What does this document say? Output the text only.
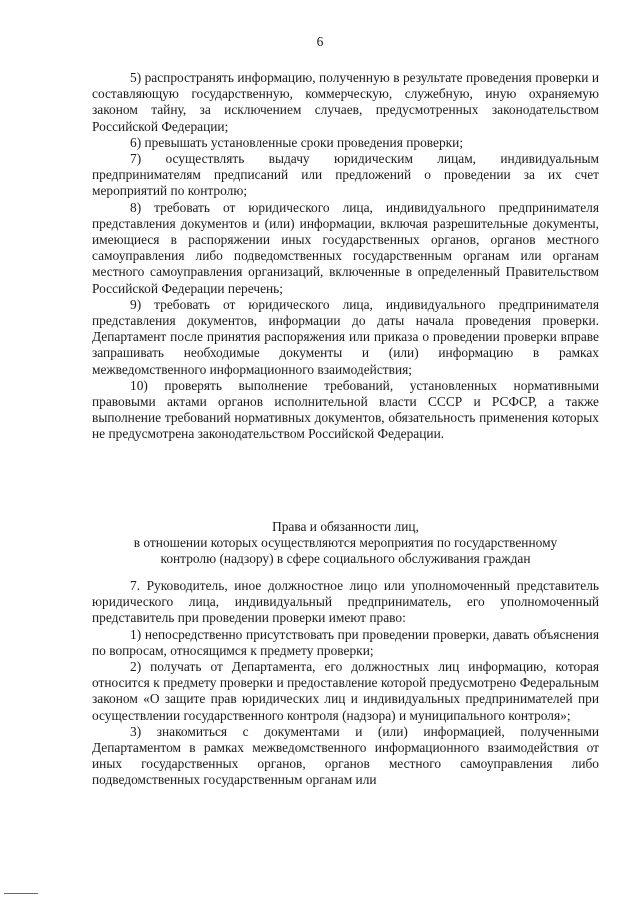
6

5) распространять информацию, полученную в результате проведения проверки и составляющую государственную, коммерческую, служебную, иную охраняемую законом тайну, за исключением случаев, предусмотренных законодательством Российской Федерации;

6) превышать установленные сроки проведения проверки;

7) осуществлять выдачу юридическим лицам, индивидуальным предпринимателям предписаний или предложений о проведении за их счет мероприятий по контролю;

8) требовать от юридического лица, индивидуального предпринимателя представления документов и (или) информации, включая разрешительные документы, имеющиеся в распоряжении иных государственных органов, органов местного самоуправления либо подведомственных государственным органам или органам местного самоуправления организаций, включенные в определенный Правительством Российской Федерации перечень;

9) требовать от юридического лица, индивидуального предпринимателя представления документов, информации до даты начала проведения проверки. Департамент после принятия распоряжения или приказа о проведении проверки вправе запрашивать необходимые документы и (или) информацию в рамках межведомственного информационного взаимодействия;

10) проверять выполнение требований, установленных нормативными правовыми актами органов исполнительной власти СССР и РСФСР, а также выполнение требований нормативных документов, обязательность применения которых не предусмотрена законодательством Российской Федерации.

Права и обязанности лиц,
в отношении которых осуществляются мероприятия по государственному
контролю (надзору) в сфере социального обслуживания граждан

7. Руководитель, иное должностное лицо или уполномоченный представитель юридического лица, индивидуальный предприниматель, его уполномоченный представитель при проведении проверки имеют право:

1) непосредственно присутствовать при проведении проверки, давать объяснения по вопросам, относящимся к предмету проверки;

2) получать от Департамента, его должностных лиц информацию, которая относится к предмету проверки и предоставление которой предусмотрено Федеральным законом «О защите прав юридических лиц и индивидуальных предпринимателей при осуществлении государственного контроля (надзора) и муниципального контроля»;

3) знакомиться с документами и (или) информацией, полученными Департаментом в рамках межведомственного информационного взаимодействия от иных государственных органов, органов местного самоуправления либо подведомственных государственным органам или
